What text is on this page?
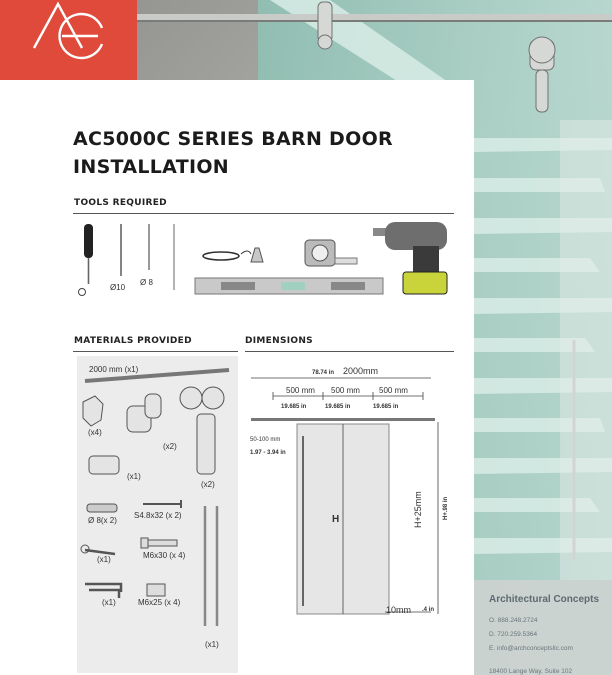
AC5000C SERIES BARN DOOR INSTALLATION
TOOLS REQUIRED
Ø10
Ø 8
MATERIALS PROVIDED
2000 mm (x1)
(x4)
(x2)
(x2)
(x1)
Ø 8(x 2)
S4.8x32 (x 2)
(x1)	M6x30 (x 4)
(x1)	M6x25 (x 4)
(x1)
DIMENSIONS
78.74 in 2000mm
500 mm 500 mm 500 mm
19.685 in	19.685 in	19.685 in
50-100 mm
1.97 - 3.94 in
H	H+25mm	H+.98 in
10mm .4 in
Architectural Concepts
O. 888.248.2724
D. 720.259.5364
E. info@archconceptsllc.com
18400 Lange Way, Suite 102
